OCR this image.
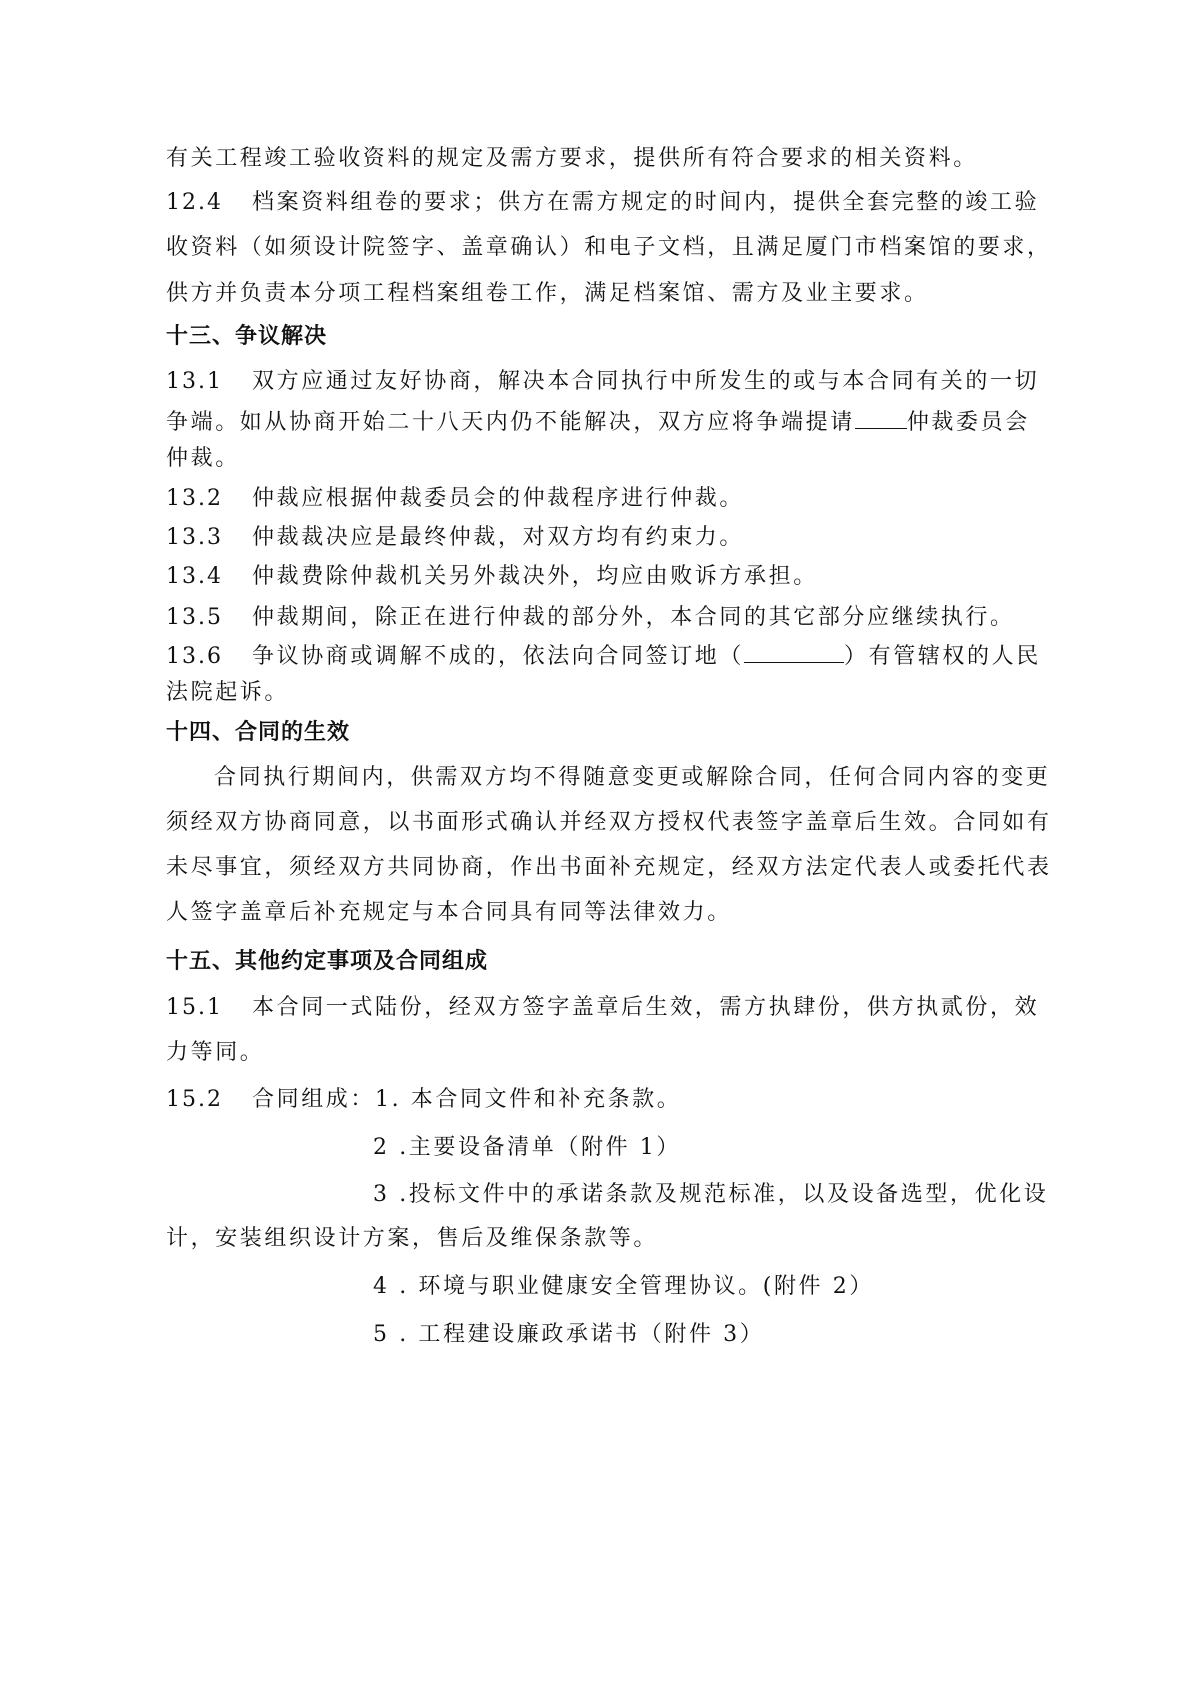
有关工程竣工验收资料的规定及需方要求，提供所有符合要求的相关资料。
12.4 档案资料组卷的要求；供方在需方规定的时间内，提供全套完整的竣工验
收资料（如须设计院签字、盖章确认）和电子文档，且满足厦门市档案馆的要求，
供方并负责本分项工程档案组卷工作，满足档案馆、需方及业主要求。
十三、争议解决
13.1 双方应通过友好协商，解决本合同执行中所发生的或与本合同有关的一切
争端。如从协商开始二十八天内仍不能解决，双方应将争端提请 仲裁委员会
仲裁。
13.2 仲裁应根据仲裁委员会的仲裁程序进行仲裁。
13.3 仲裁裁决应是最终仲裁，对双方均有约束力。
13.4 仲裁费除仲裁机关另外裁决外，均应由败诉方承担。
13.5 仲裁期间，除正在进行仲裁的部分外，本合同的其它部分应继续执行。
13.6 争议协商或调解不成的，依法向合同签订地（	）有管辖权的人民
法院起诉。
十四、合同的生效
合同执行期间内，供需双方均不得随意变更或解除合同，任何合同内容的变更
须经双方协商同意，以书面形式确认并经双方授权代表签字盖章后生效。合同如有
未尽事宜，须经双方共同协商，作出书面补充规定，经双方法定代表人或委托代表
人签字盖章后补充规定与本合同具有同等法律效力。
十五、其他约定事项及合同组成
15.1 本合同一式陆份，经双方签字盖章后生效，需方执肆份，供方执贰份，效
力等同。
15.2 合同组成：1. 本合同文件和补充条款。
2 .主要设备清单（附件 1）
3 .投标文件中的承诺条款及规范标准，以及设备选型，优化设
计，安装组织设计方案，售后及维保条款等。
4 . 环境与职业健康安全管理协议。(附件 2）
5 . 工程建设廉政承诺书（附件 3）
